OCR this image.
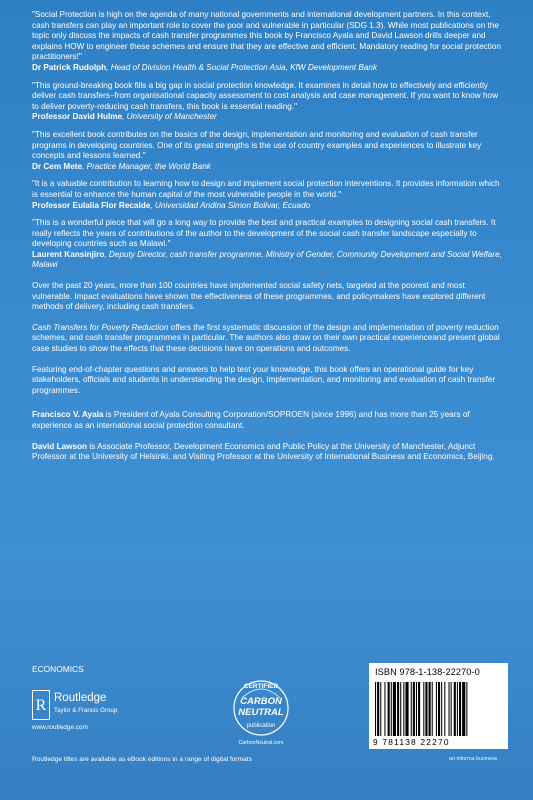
"Social Protection is high on the agenda of many national governments and international development partners. In this context, cash transfers can play an important role to cover the poor and vulnerable in particular (SDG 1.3). While most publications on the topic only discuss the impacts of cash transfer programmes this book by Francisco Ayala and David Lawson drills deeper and explains HOW to engineer these schemes and ensure that they are effective and efficient. Mandatory reading for social protection practitioners!"
Dr Patrick Rudolph, Head of Division Health & Social Protection Asia, KfW Development Bank
"This ground-breaking book fills a big gap in social protection knowledge. It examines in detail how to effectively and efficiently deliver cash transfers–from organisational capacity assessment to cost analysis and case management. If you want to know how to deliver poverty-reducing cash transfers, this book is essential reading."
Professor David Hulme, University of Manchester
"This excellent book contributes on the basics of the design, implementation and monitoring and evaluation of cash transfer programs in developing countries. One of its great strengths is the use of country examples and experiences to illustrate key concepts and lessons learned."
Dr Cem Mete, Practice Manager, the World Bank
"It is a valuable contribution to learning how to design and implement social protection interventions. It provides information which is essential to enhance the human capital of the most vulnerable people in the world."
Professor Eulalia Flor Recalde, Universidad Andina Simon Bolivar, Ecuado
"This is a wonderful piece that will go a long way to provide the best and practical examples to designing social cash transfers. It really reflects the years of contributions of the author to the development of the social cash transfer landscape especially to developing countries such as Malawi."
Laurent Kansinjiro, Deputy Director, cash transfer programme, Ministry of Gender, Community Development and Social Welfare, Malawi

Over the past 20 years, more than 100 countries have implemented social safety nets, targeted at the poorest and most vulnerable. Impact evaluations have shown the effectiveness of these programmes, and policymakers have explored different methods of delivery, including cash transfers.

Cash Transfers for Poverty Reduction offers the first systematic discussion of the design and implementation of poverty reduction schemes, and cash transfer programmes in particular. The authors also draw on their own practical experienceand present global case studies to show the effects that these decisions have on operations and outcomes.

Featuring end-of-chapter questions and answers to help test your knowledge, this book offers an operational guide for key stakeholders, officials and students in understanding the design, implementation, and monitoring and evaluation of cash transfer programmes.

Francisco V. Ayala is President of Ayala Consulting Corporation/SOPROEN (since 1996) and has more than 25 years of experience as an international social protection consultant.

David Lawson is Associate Professor, Development Economics and Public Policy at the University of Manchester, Adjunct Professor at the University of Helsinki, and Visiting Professor at the University of International Business and Economics, Beijing.

ECONOMICS
R Routledge
Taylor & Francis Group
www.routledge.com
CERTIFIED
CARBON
NEUTRAL
publication
CarbonNeutral.com
ISBN 978-1-138-22270-0
9 781138 22270
Routledge titles are available as eBook editions in a range of digital formats	an informa business
